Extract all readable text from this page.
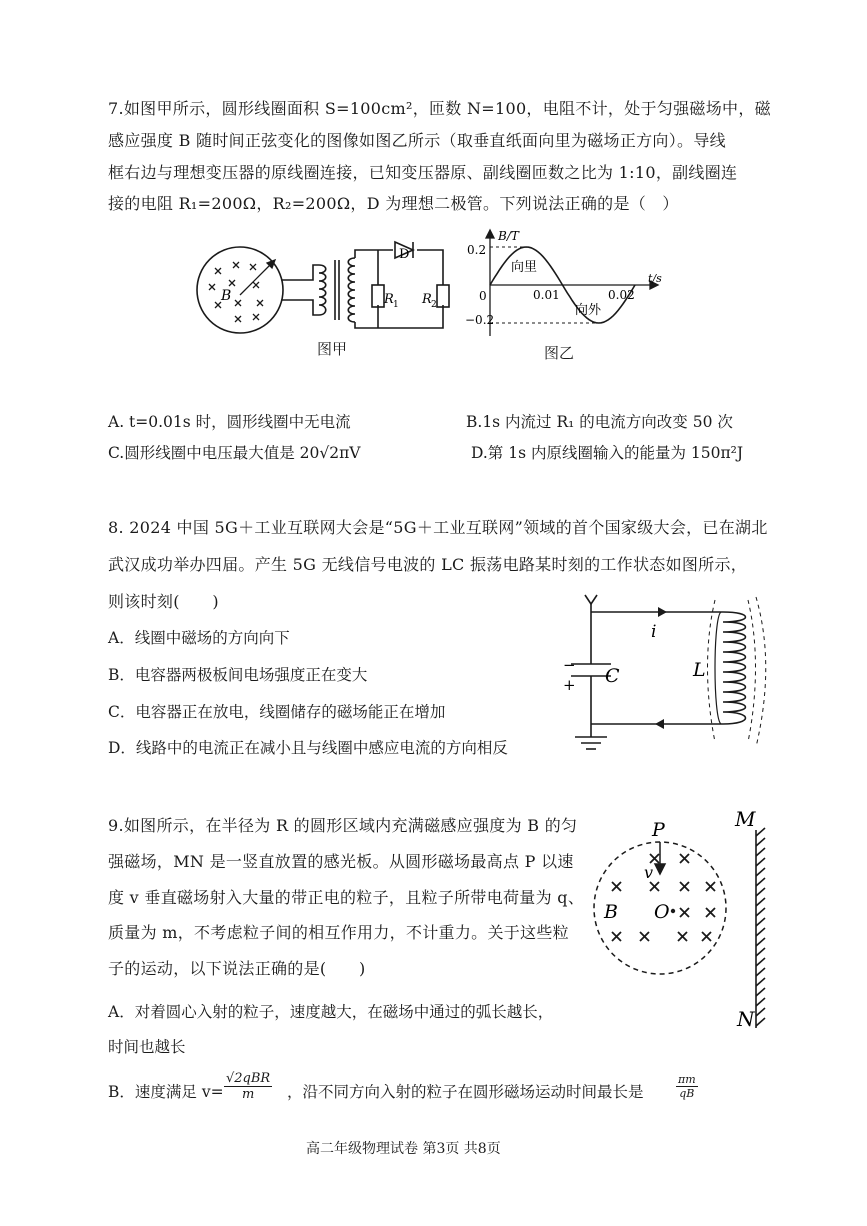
7.如图甲所示，圆形线圈面积 S=100cm²，匝数 N=100，电阻不计，处于匀强磁场中，磁
感应强度 B 随时间正弦变化的图像如图乙所示（取垂直纸面向里为磁场正方向）。导线
框右边与理想变压器的原线圈连接，已知变压器原、副线圈匝数之比为 1:10，副线圈连
接的电阻 R₁=200Ω，R₂=200Ω，D 为理想二极管。下列说法正确的是（　）
B
D
R 1 R 2
图甲
B/T
t/s
0.2
−0.2
0	0.01	0.02
向里
向外
图乙
A. t=0.01s 时，圆形线圈中无电流	B.1s 内流过 R₁ 的电流方向改变 50 次
C.圆形线圈中电压最大值是 20√2πV	D.第 1s 内原线圈输入的能量为 150π²J
8. 2024 中国 5G＋工业互联网大会是“5G＋工业互联网”领域的首个国家级大会，已在湖北
武汉成功举办四届。产生 5G 无线信号电波的 LC 振荡电路某时刻的工作状态如图所示，
则该时刻(　　)
A．线圈中磁场的方向向下
B．电容器两极板间电场强度正在变大
C．电容器正在放电，线圈储存的磁场能正在增加
D．线路中的电流正在减小且与线圈中感应电流的方向相反
i
C	L
−
+
9.如图所示，在半径为 R 的圆形区域内充满磁感应强度为 B 的匀
强磁场，MN 是一竖直放置的感光板。从圆形磁场最高点 P 以速
度 v 垂直磁场射入大量的带正电的粒子，且粒子所带电荷量为 q、
质量为 m，不考虑粒子间的相互作用力，不计重力。关于这些粒
子的运动，以下说法正确的是(　　)
A．对着圆心入射的粒子，速度越大，在磁场中通过的弧长越长，
时间也越长
B．速度满足 v=
√2qBR
m	，沿不同方向入射的粒子在圆形磁场运动时间最长是	$\frac{\pi m}{qB}$
M
N
P
v
B O
高二年级物理试卷 第3页 共8页
